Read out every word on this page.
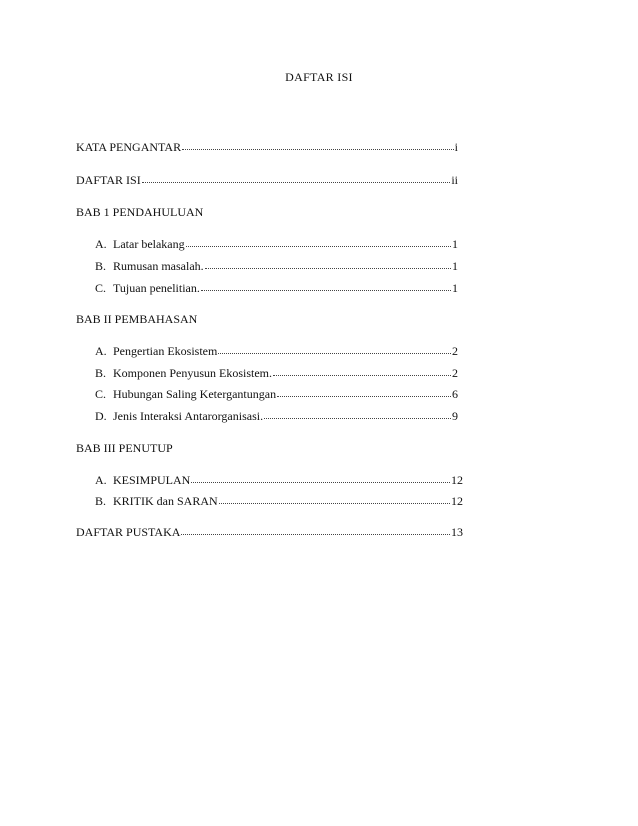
DAFTAR ISI
KATA PENGANTAR	i
DAFTAR ISI	ii
BAB 1 PENDAHULUAN
A. Latar belakang	1
B. Rumusan masalah.	1
C. Tujuan penelitian.	1
BAB II PEMBAHASAN
A. Pengertian Ekosistem	2
B. Komponen Penyusun Ekosistem.	2
C. Hubungan Saling Ketergantungan	6
D. Jenis Interaksi Antarorganisasi.	9
BAB III PENUTUP
A. KESIMPULAN	12
B. KRITIK dan SARAN	12
DAFTAR PUSTAKA	13
